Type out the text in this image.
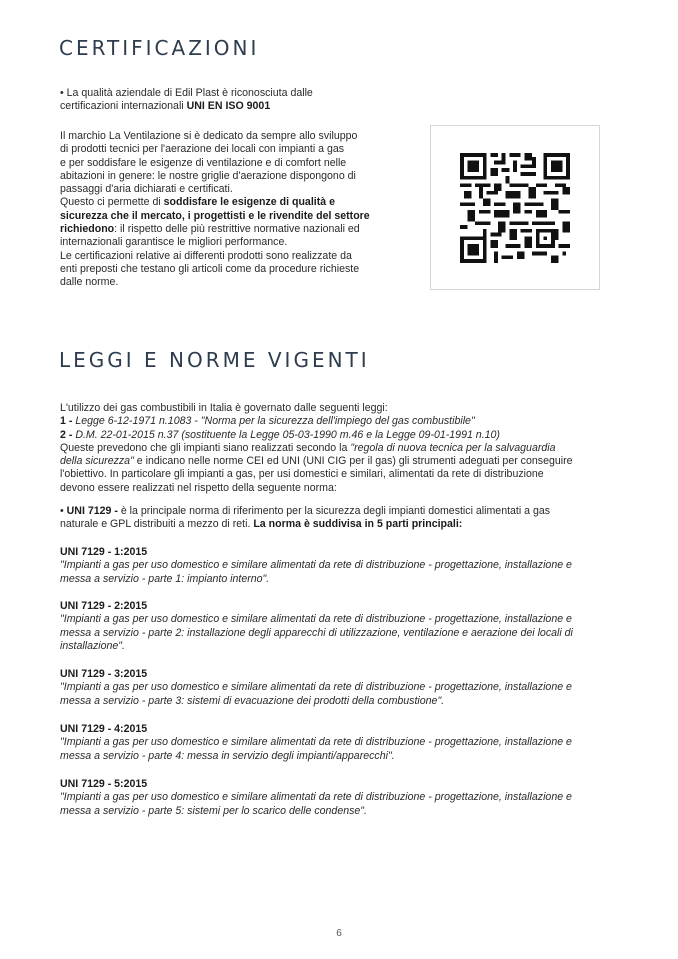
CERTIFICAZIONI
• La qualità aziendale di Edil Plast è riconosciuta dalle
certificazioni internazionali UNI EN ISO 9001
Il marchio La Ventilazione si è dedicato da sempre allo sviluppo
di prodotti tecnici per l'aerazione dei locali con impianti a gas
e per soddisfare le esigenze di ventilazione e di comfort nelle
abitazioni in genere: le nostre griglie d'aerazione dispongono di
passaggi d'aria dichiarati e certificati.
Questo ci permette di soddisfare le esigenze di qualità e
sicurezza che il mercato, i progettisti e le rivendite del settore
richiedono: il rispetto delle più restrittive normative nazionali ed
internazionali garantisce le migliori performance.
Le certificazioni relative ai differenti prodotti sono realizzate da
enti preposti che testano gli articoli come da procedure richieste
dalle norme.
LEGGI E NORME VIGENTI
L'utilizzo dei gas combustibili in Italia è governato dalle seguenti leggi:
1 - Legge 6-12-1971 n.1083 - "Norma per la sicurezza dell'impiego del gas combustibile"
2 - D.M. 22-01-2015 n.37 (sostituente la Legge 05-03-1990 m.46 e la Legge 09-01-1991 n.10)
Queste prevedono che gli impianti siano realizzati secondo la "regola di nuova tecnica per la salvaguardia
della sicurezza" e indicano nelle norme CEI ed UNI (UNI CIG per il gas) gli strumenti adeguati per conseguire
l'obiettivo. In particolare gli impianti a gas, per usi domestici e similari, alimentati da rete di distribuzione
devono essere realizzati nel rispetto della seguente norma:
• UNI 7129 - è la principale norma di riferimento per la sicurezza degli impianti domestici alimentati a gas
naturale e GPL distribuiti a mezzo di reti. La norma è suddivisa in 5 parti principali:
UNI 7129 - 1:2015
"Impianti a gas per uso domestico e similare alimentati da rete di distribuzione - progettazione, installazione e
messa a servizio - parte 1: impianto interno".
UNI 7129 - 2:2015
"Impianti a gas per uso domestico e similare alimentati da rete di distribuzione - progettazione, installazione e
messa a servizio - parte 2: installazione degli apparecchi di utilizzazione, ventilazione e aerazione dei locali di
installazione".
UNI 7129 - 3:2015
"Impianti a gas per uso domestico e similare alimentati da rete di distribuzione - progettazione, installazione e
messa a servizio - parte 3: sistemi di evacuazione dei prodotti della combustione".
UNI 7129 - 4:2015
"Impianti a gas per uso domestico e similare alimentati da rete di distribuzione - progettazione, installazione e
messa a servizio - parte 4: messa in servizio degli impianti/apparecchi".
UNI 7129 - 5:2015
"Impianti a gas per uso domestico e similare alimentati da rete di distribuzione - progettazione, installazione e
messa a servizio - parte 5: sistemi per lo scarico delle condense".
6
